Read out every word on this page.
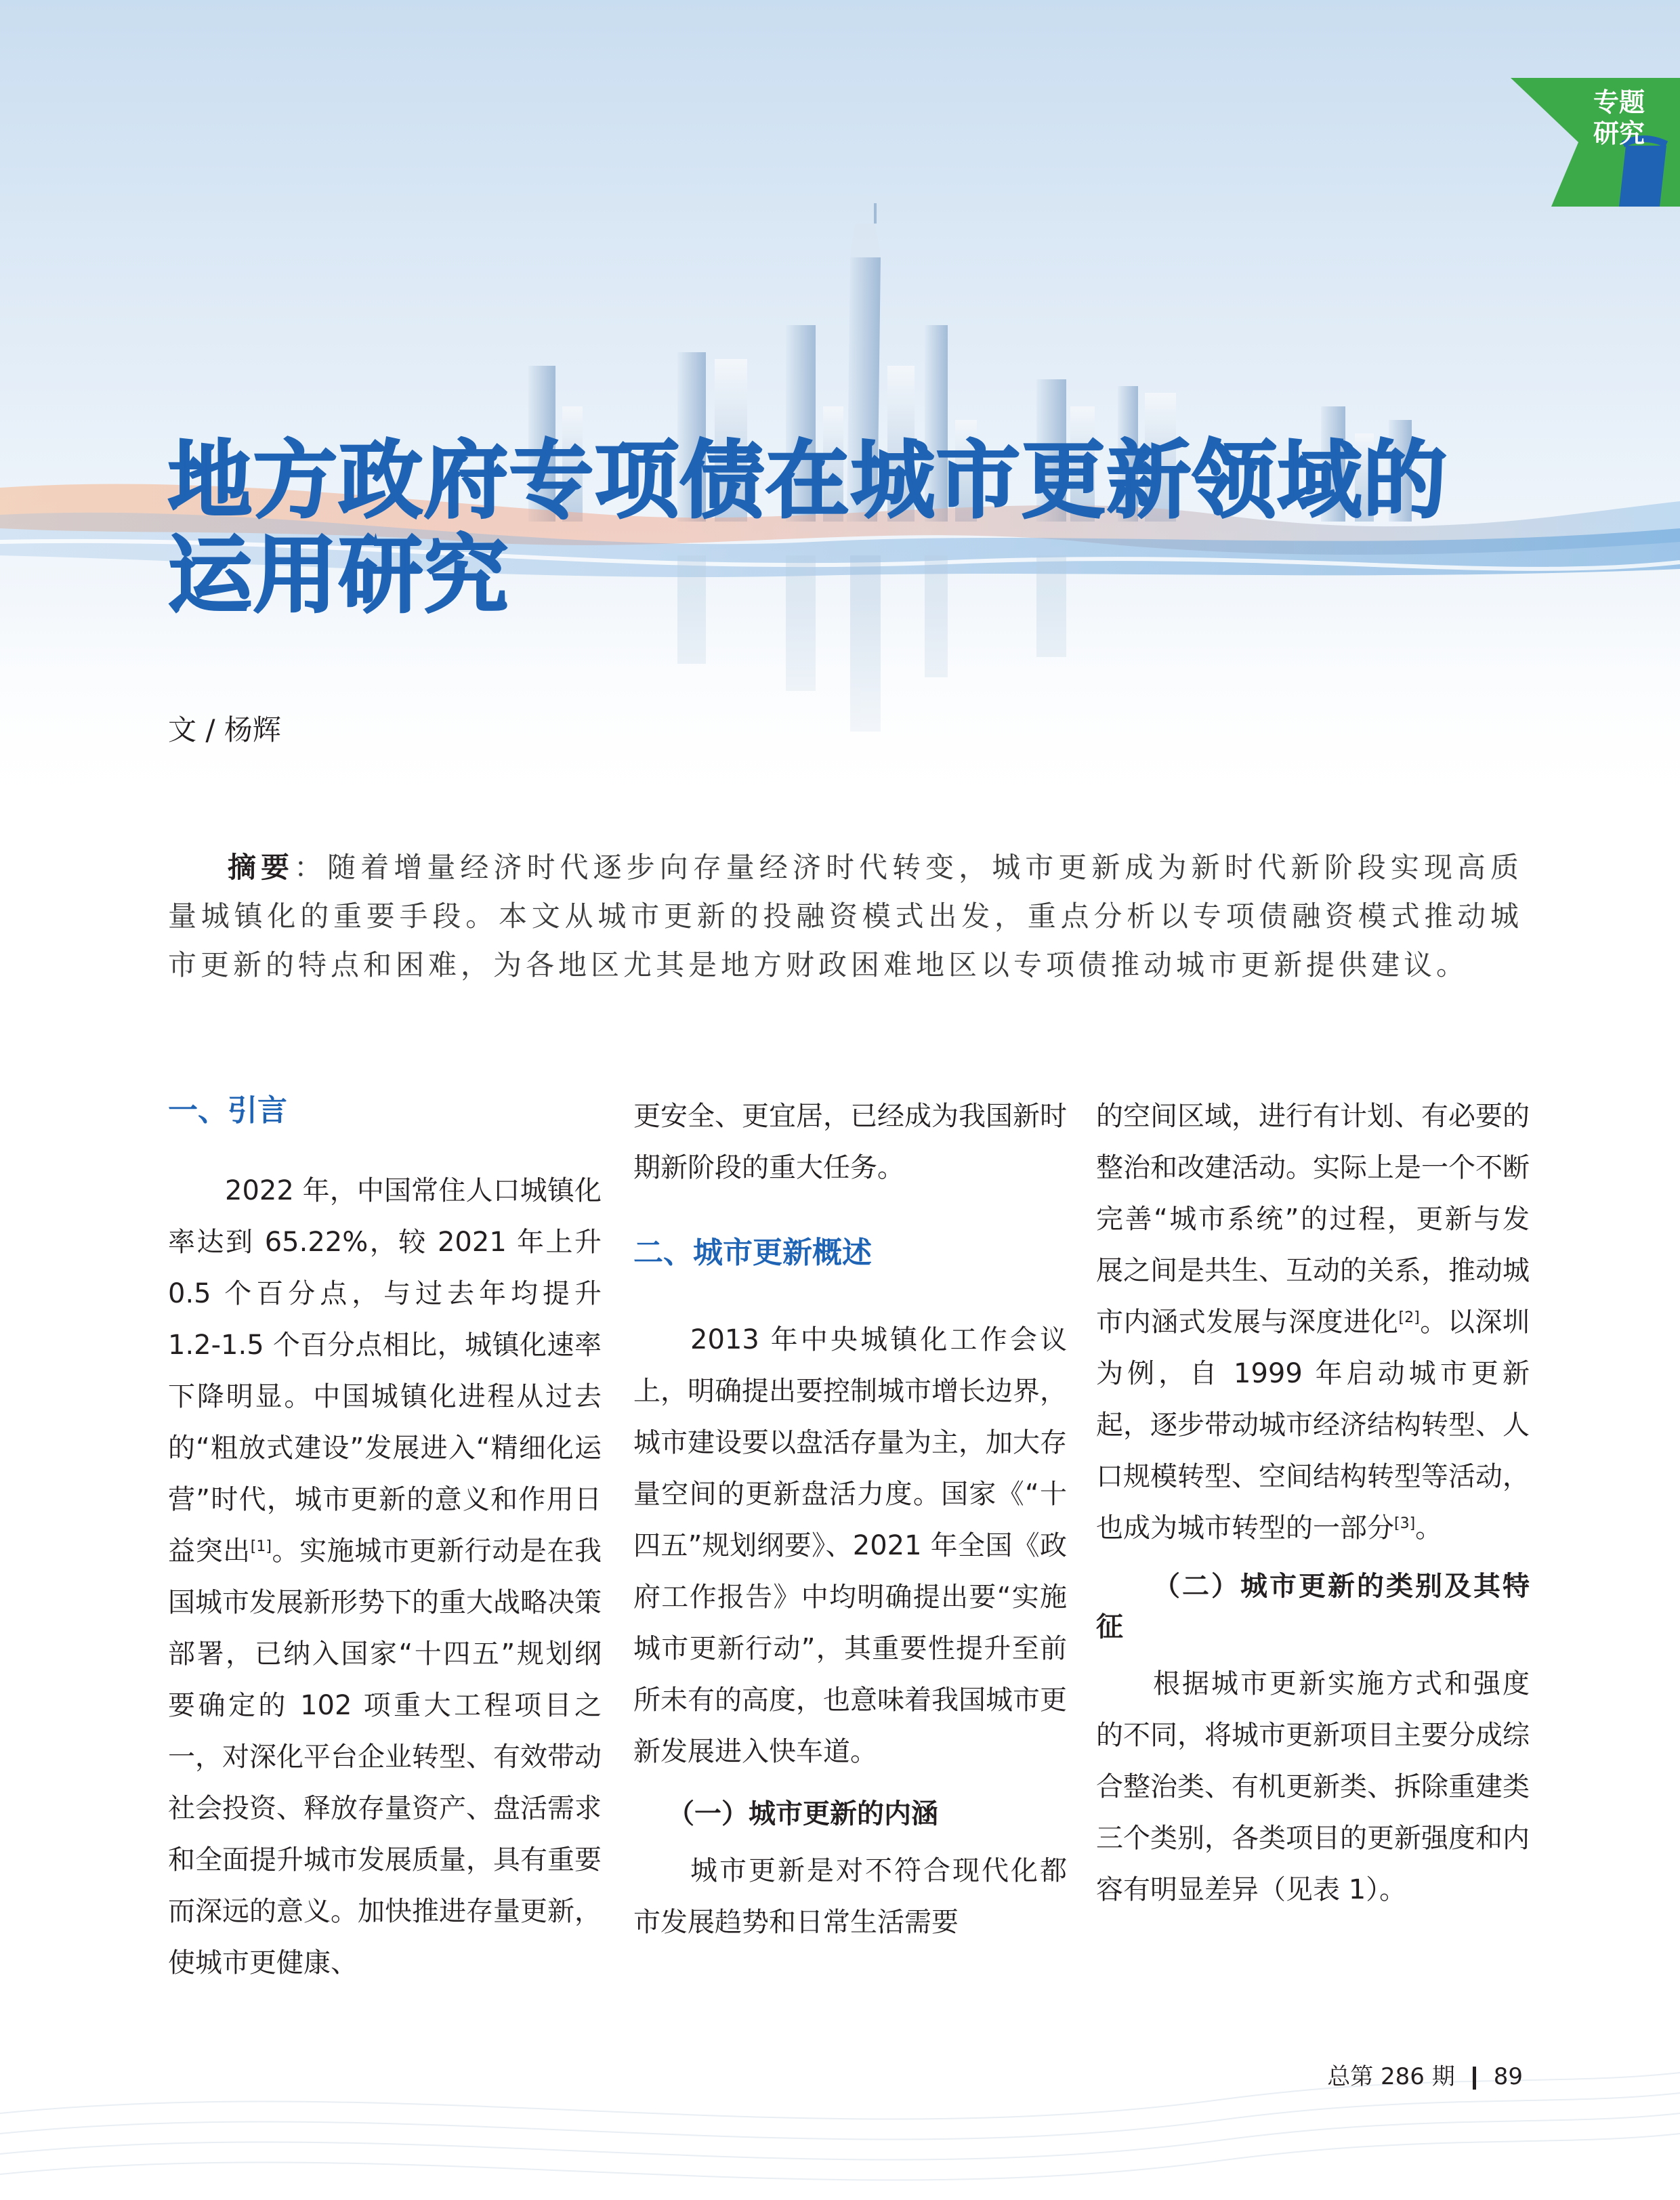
专题
研究
地方政府专项债在城市更新领域的
运用研究
文 / 杨辉
摘要：随着增量经济时代逐步向存量经济时代转变，城市更新成为新时代新阶段实现高质量城镇化的重要手段。本文从城市更新的投融资模式出发，重点分析以专项债融资模式推动城市更新的特点和困难，为各地区尤其是地方财政困难地区以专项债推动城市更新提供建议。

一、引言

2022 年，中国常住人口城镇化率达到 65.22%，较 2021 年上升 0.5 个百分点，与过去年均提升 1.2-1.5 个百分点相比，城镇化速率下降明显。中国城镇化进程从过去的“粗放式建设”发展进入“精细化运营”时代，城市更新的意义和作用日益突出[1]。实施城市更新行动是在我国城市发展新形势下的重大战略决策部署，已纳入国家“十四五”规划纲要确定的 102 项重大工程项目之一，对深化平台企业转型、有效带动社会投资、释放存量资产、盘活需求和全面提升城市发展质量，具有重要而深远的意义。加快推进存量更新，使城市更健康、

更安全、更宜居，已经成为我国新时期新阶段的重大任务。

二、城市更新概述

2013 年中央城镇化工作会议上，明确提出要控制城市增长边界，城市建设要以盘活存量为主，加大存量空间的更新盘活力度。国家《“十四五”规划纲要》、2021 年全国《政府工作报告》中均明确提出要“实施城市更新行动”，其重要性提升至前所未有的高度，也意味着我国城市更新发展进入快车道。

（一）城市更新的内涵

城市更新是对不符合现代化都市发展趋势和日常生活需要

的空间区域，进行有计划、有必要的整治和改建活动。实际上是一个不断完善“城市系统”的过程，更新与发展之间是共生、互动的关系，推动城市内涵式发展与深度进化[2]。以深圳为例，自 1999 年启动城市更新起，逐步带动城市经济结构转型、人口规模转型、空间结构转型等活动，也成为城市转型的一部分[3]。

（二）城市更新的类别及其特征

根据城市更新实施方式和强度的不同，将城市更新项目主要分成综合整治类、有机更新类、拆除重建类三个类别，各类项目的更新强度和内容有明显差异（见表 1）。

总第 286 期 89
